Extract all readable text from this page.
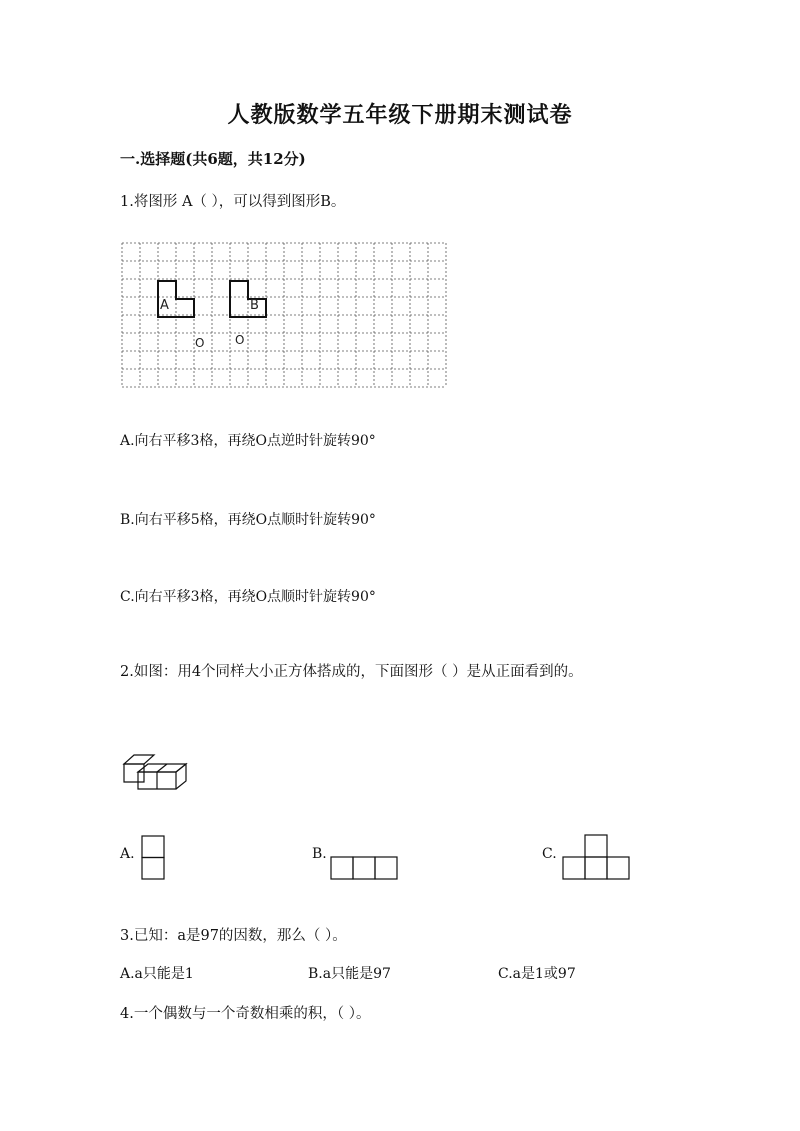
人教版数学五年级下册期末测试卷
一.选择题(共6题，共12分)
1.将图形 A（ ），可以得到图形B。
A	B
O	O
A.向右平移3格，再绕O点逆时针旋转90°
B.向右平移5格，再绕O点顺时针旋转90°
C.向右平移3格，再绕O点顺时针旋转90°
2.如图：用4个同样大小正方体搭成的，下面图形（ ）是从正面看到的。
A.	B.	C.
3.已知：a是97的因数，那么（ ）。
A.a只能是1	B.a只能是97	C.a是1或97
4.一个偶数与一个奇数相乘的积，（ ）。
